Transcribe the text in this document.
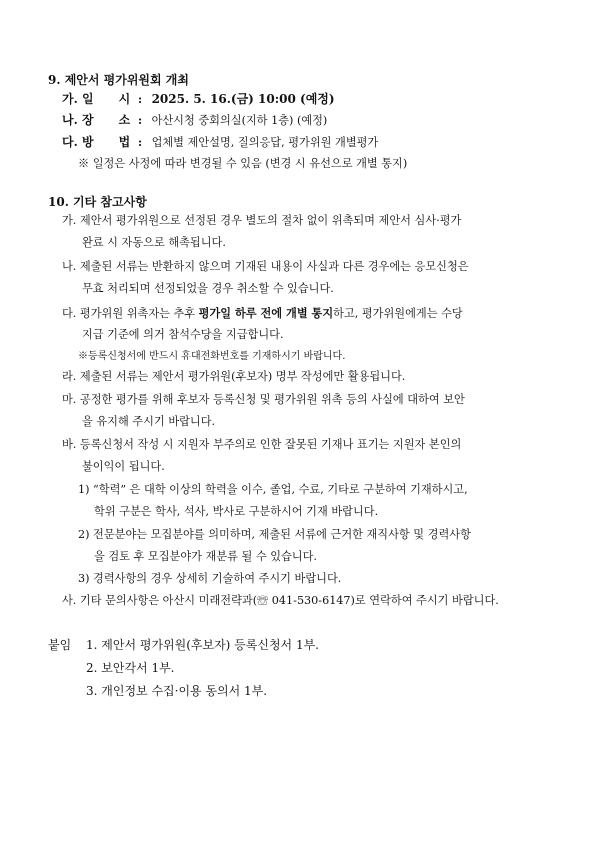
9. 제안서 평가위원회 개최
가. 일      시 : 2025. 5. 16.(금) 10:00 (예정)
나. 장      소 : 아산시청 중회의실(지하 1층) (예정)
다. 방      법 : 업체별 제안설명, 질의응답, 평가위원 개별평가
※ 일정은 사정에 따라 변경될 수 있음 (변경 시 유선으로 개별 통지)
10. 기타 참고사항
가. 제안서 평가위원으로 선정된 경우 별도의 절차 없이 위촉되며 제안서 심사·평가
완료 시 자동으로 해촉됩니다.
나. 제출된 서류는 반환하지 않으며 기재된 내용이 사실과 다른 경우에는 응모신청은
무효 처리되며 선정되었을 경우 취소할 수 있습니다.
다. 평가위원 위촉자는 추후 평가일 하루 전에 개별 통지하고, 평가위원에게는 수당
지급 기준에 의거 참석수당을 지급합니다.
※등록신청서에 반드시 휴대전화번호를 기재하시기 바랍니다.
라. 제출된 서류는 제안서 평가위원(후보자) 명부 작성에만 활용됩니다.
마. 공정한 평가를 위해 후보자 등록신청 및 평가위원 위촉 등의 사실에 대하여 보안
을 유지해 주시기 바랍니다.
바. 등록신청서 작성 시 지원자 부주의로 인한 잘못된 기재나 표기는 지원자 본인의
불이익이 됩니다.
1) “학력” 은 대학 이상의 학력을 이수, 졸업, 수료, 기타로 구분하여 기재하시고,
학위 구분은 학사, 석사, 박사로 구분하시어 기재 바랍니다.
2) 전문분야는 모집분야를 의미하며, 제출된 서류에 근거한 재직사항 및 경력사항
을 검토 후 모집분야가 재분류 될 수 있습니다.
3) 경력사항의 경우 상세히 기술하여 주시기 바랍니다.
사. 기타 문의사항은 아산시 미래전략과(☏ 041-530-6147)로 연락하여 주시기 바랍니다.
붙임 1. 제안서 평가위원(후보자) 등록신청서 1부.
2. 보안각서 1부.
3. 개인정보 수집·이용 동의서 1부.
